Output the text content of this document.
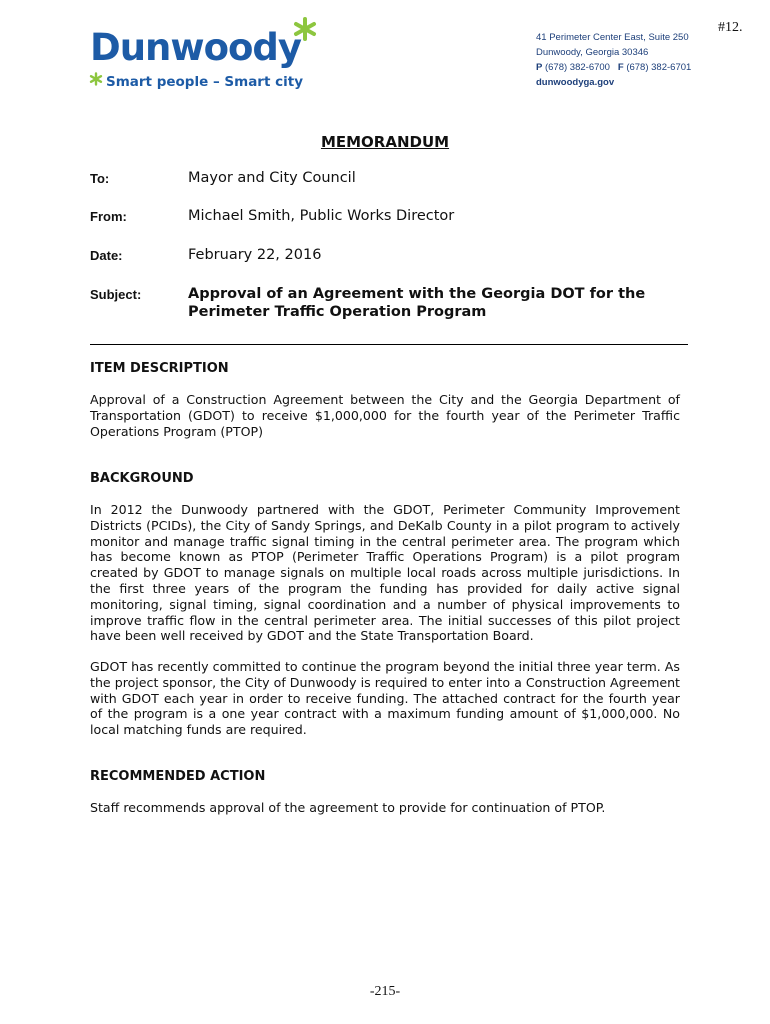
#12.
Dunwoody
Smart people – Smart city
41 Perimeter Center East, Suite 250
Dunwoody, Georgia 30346
P (678) 382-6700 F (678) 382-6701
dunwoodyga.gov
MEMORANDUM
To:	Mayor and City Council
From:	Michael Smith, Public Works Director
Date:	February 22, 2016
Subject:	Approval of an Agreement with the Georgia DOT for the
Perimeter Traffic Operation Program
ITEM DESCRIPTION
Approval of a Construction Agreement between the City and the Georgia Department of Transportation (GDOT) to receive $1,000,000 for the fourth year of the Perimeter Traffic Operations Program (PTOP)
BACKGROUND
In 2012 the Dunwoody partnered with the GDOT, Perimeter Community Improvement Districts (PCIDs), the City of Sandy Springs, and DeKalb County in a pilot program to actively monitor and manage traffic signal timing in the central perimeter area. The program which has become known as PTOP (Perimeter Traffic Operations Program) is a pilot program created by GDOT to manage signals on multiple local roads across multiple jurisdictions. In the first three years of the program the funding has provided for daily active signal monitoring, signal timing, signal coordination and a number of physical improvements to improve traffic flow in the central perimeter area. The initial successes of this pilot project have been well received by GDOT and the State Transportation Board.
GDOT has recently committed to continue the program beyond the initial three year term. As the project sponsor, the City of Dunwoody is required to enter into a Construction Agreement with GDOT each year in order to receive funding. The attached contract for the fourth year of the program is a one year contract with a maximum funding amount of $1,000,000. No local matching funds are required.
RECOMMENDED ACTION
Staff recommends approval of the agreement to provide for continuation of PTOP.
-215-
